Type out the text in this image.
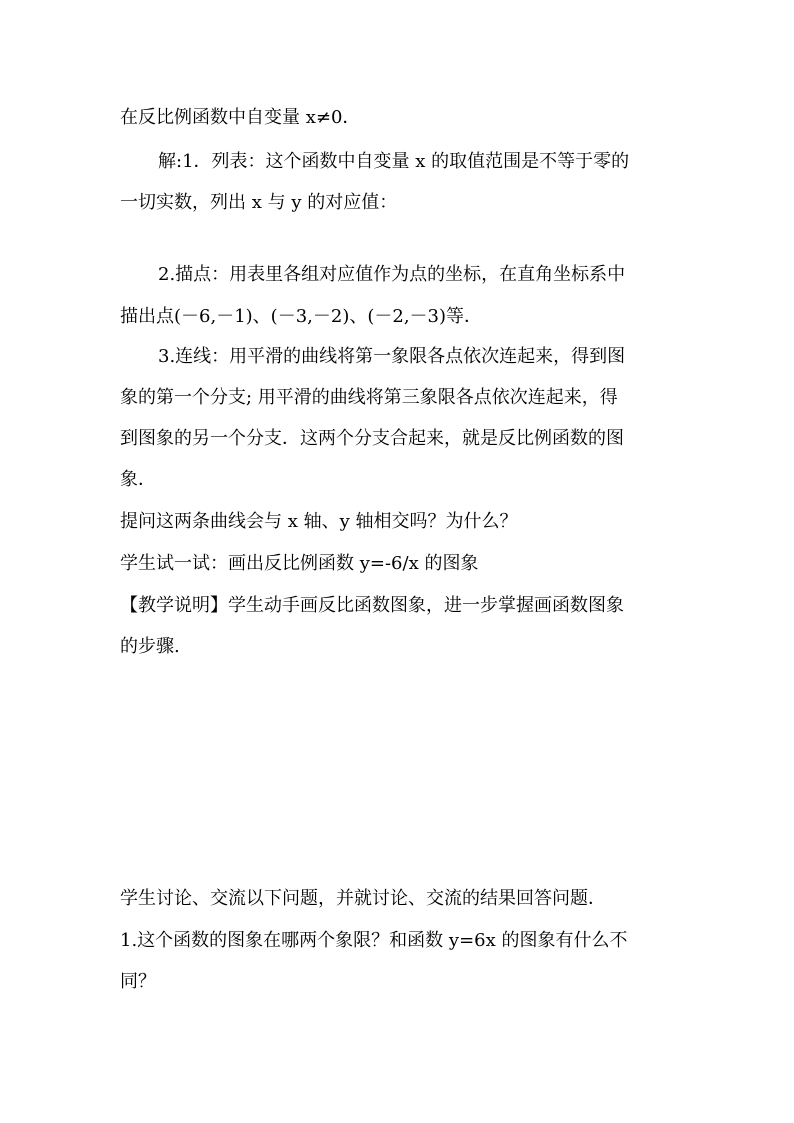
在反比例函数中自变量 x≠0．
解:1．列表：这个函数中自变量 x 的取值范围是不等于零的
一切实数，列出 x 与 y 的对应值：
2.描点：用表里各组对应值作为点的坐标，在直角坐标系中
描出点(－6,－1)、(－3,－2)、(－2,－3)等．
3.连线：用平滑的曲线将第一象限各点依次连起来，得到图
象的第一个分支; 用平滑的曲线将第三象限各点依次连起来，得
到图象的另一个分支．这两个分支合起来，就是反比例函数的图
象．
提问这两条曲线会与 x 轴、y 轴相交吗？为什么？
学生试一试：画出反比例函数 y=-6/x 的图象
【教学说明】学生动手画反比函数图象，进一步掌握画函数图象
的步骤.
学生讨论、交流以下问题，并就讨论、交流的结果回答问题．
1.这个函数的图象在哪两个象限？和函数 y=6x 的图象有什么不
同？
